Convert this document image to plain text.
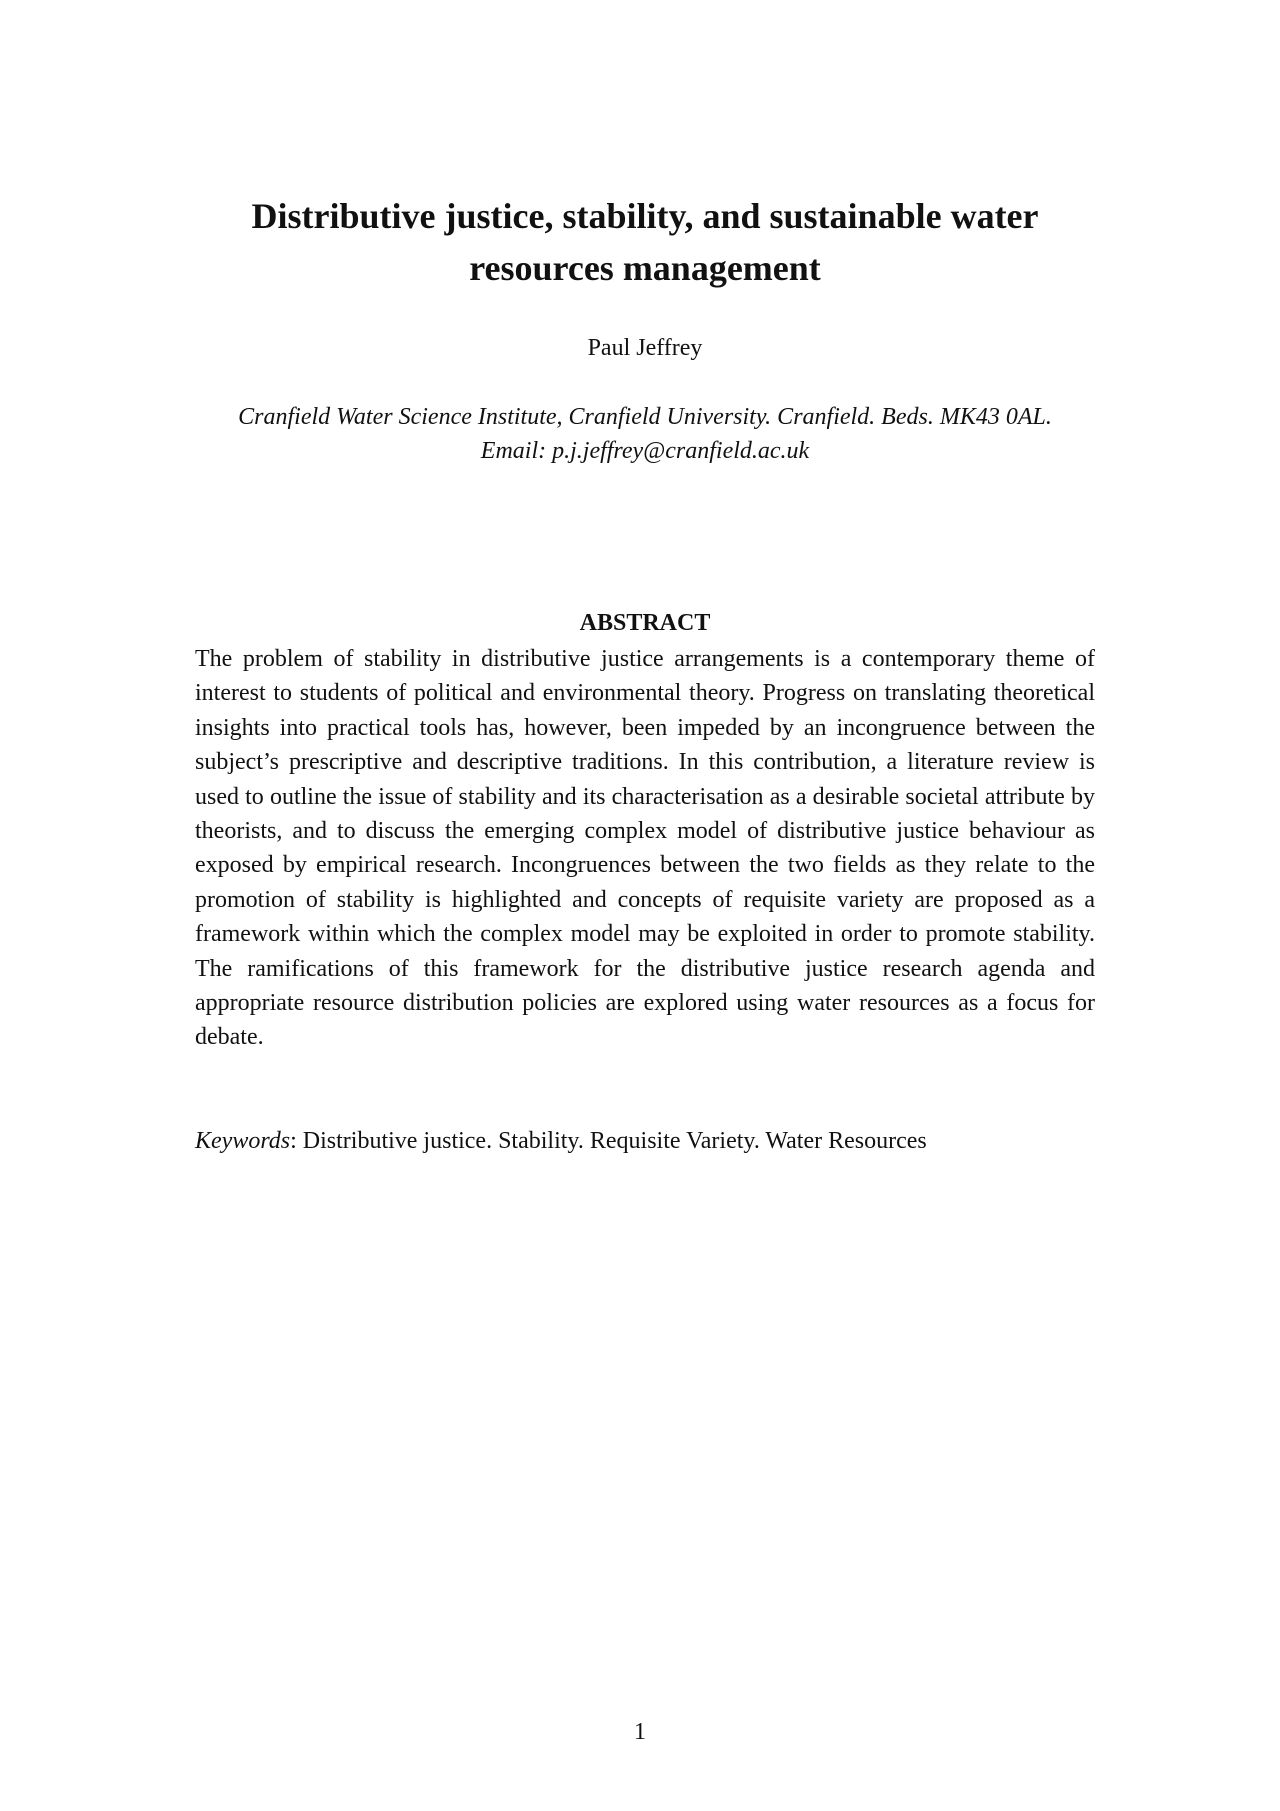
Distributive justice, stability, and sustainable water resources management

Paul Jeffrey

Cranfield Water Science Institute, Cranfield University. Cranfield. Beds. MK43 0AL.
Email: p.j.jeffrey@cranfield.ac.uk

ABSTRACT

The problem of stability in distributive justice arrangements is a contemporary theme of interest to students of political and environmental theory. Progress on translating theoretical insights into practical tools has, however, been impeded by an incongruence between the subject’s prescriptive and descriptive traditions. In this contribution, a literature review is used to outline the issue of stability and its characterisation as a desirable societal attribute by theorists, and to discuss the emerging complex model of distributive justice behaviour as exposed by empirical research. Incongruences between the two fields as they relate to the promotion of stability is highlighted and concepts of requisite variety are proposed as a framework within which the complex model may be exploited in order to promote stability. The ramifications of this framework for the distributive justice research agenda and appropriate resource distribution policies are explored using water resources as a focus for debate.

Keywords: Distributive justice. Stability. Requisite Variety. Water Resources

1
